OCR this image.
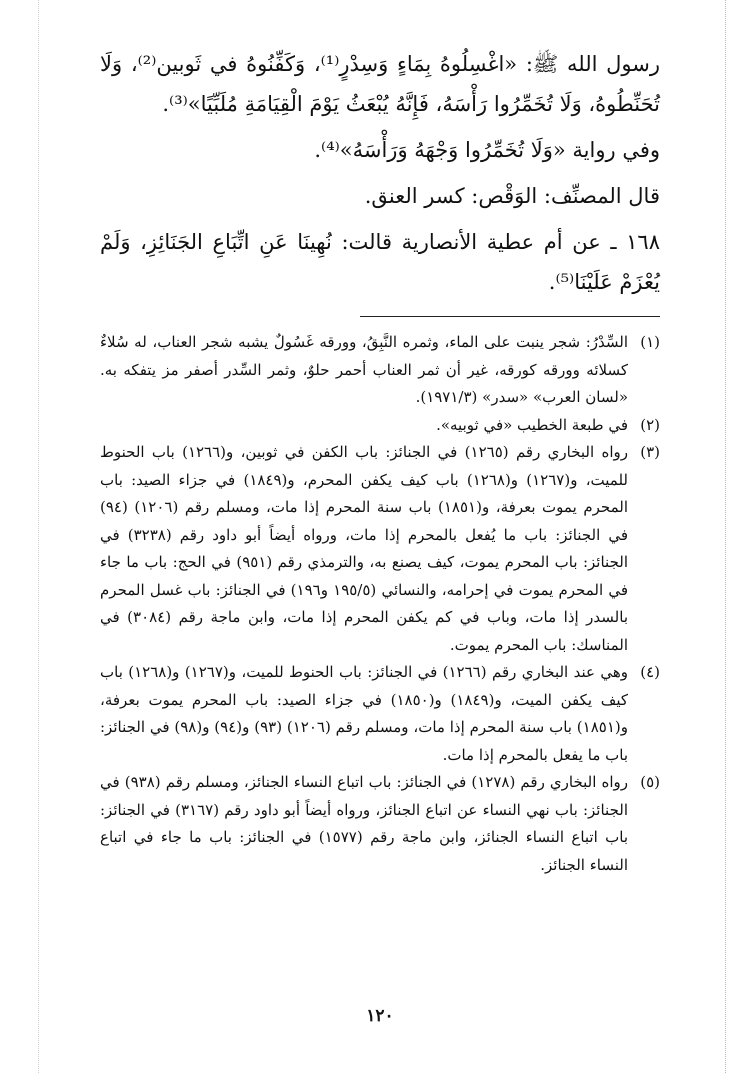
رسول الله ﷺ: «اغْسِلُوهُ بِمَاءٍ وَسِدْرٍ⁽¹⁾، وَكَفِّنُوهُ في ثَوبين⁽²⁾، وَلَا تُحَنِّطُوهُ، وَلَا تُخَمِّرُوا رَأْسَهُ، فَإِنَّهُ يُبْعَثُ يَوْمَ الْقِيَامَةِ مُلَبِّيًا»⁽³⁾.

وفي رواية «وَلَا تُخَمِّرُوا وَجْهَهُ وَرَأْسَهُ»⁽⁴⁾.

قال المصنِّف: الوَقْص: كسر العنق.

١٦٨ ـ عن أم عطية الأنصارية قالت: نُهِينَا عَنِ اتِّبَاعِ الجَنَائِزِ، وَلَمْ يُعْزَمْ عَلَيْنَا⁽⁵⁾.

(١)
السِّدْرُ: شجر ينبت على الماء، وثمره النَّبِقُ، وورقه غَسُولٌ يشبه شجر العناب، له سُلاءٌ كسلائه وورقه كورقه، غير أن ثمر العناب أحمر حلوٌ، وثمر السِّدر أصفر مز يتفكه به. «لسان العرب» «سدر» (١٩٧١/٣).

(٢)
في طبعة الخطيب «في ثوبيه».

(٣)
رواه البخاري رقم (١٢٦٥) في الجنائز: باب الكفن في ثوبين، و(١٢٦٦) باب الحنوط للميت، و(١٢٦٧) و(١٢٦٨) باب كيف يكفن المحرم، و(١٨٤٩) في جزاء الصيد: باب المحرم يموت بعرفة، و(١٨٥١) باب سنة المحرم إذا مات، ومسلم رقم (١٢٠٦) (٩٤) في الجنائز: باب ما يُفعل بالمحرم إذا مات، ورواه أيضاً أبو داود رقم (٣٢٣٨) في الجنائز: باب المحرم يموت، كيف يصنع به، والترمذي رقم (٩٥١) في الحج: باب ما جاء في المحرم يموت في إحرامه، والنسائي (١٩٥/٥ و١٩٦) في الجنائز: باب غسل المحرم بالسدر إذا مات، وباب في كم يكفن المحرم إذا مات، وابن ماجة رقم (٣٠٨٤) في المناسك: باب المحرم يموت.

(٤)
وهي عند البخاري رقم (١٢٦٦) في الجنائز: باب الحنوط للميت، و(١٢٦٧) و(١٢٦٨) باب كيف يكفن الميت، و(١٨٤٩) و(١٨٥٠) في جزاء الصيد: باب المحرم يموت بعرفة، و(١٨٥١) باب سنة المحرم إذا مات، ومسلم رقم (١٢٠٦) (٩٣) و(٩٤) و(٩٨) في الجنائز: باب ما يفعل بالمحرم إذا مات.

(٥)
رواه البخاري رقم (١٢٧٨) في الجنائز: باب اتباع النساء الجنائز، ومسلم رقم (٩٣٨) في الجنائز: باب نهي النساء عن اتباع الجنائز، ورواه أيضاً أبو داود رقم (٣١٦٧) في الجنائز: باب اتباع النساء الجنائز، وابن ماجة رقم (١٥٧٧) في الجنائز: باب ما جاء في اتباع النساء الجنائز.

١٢٠
